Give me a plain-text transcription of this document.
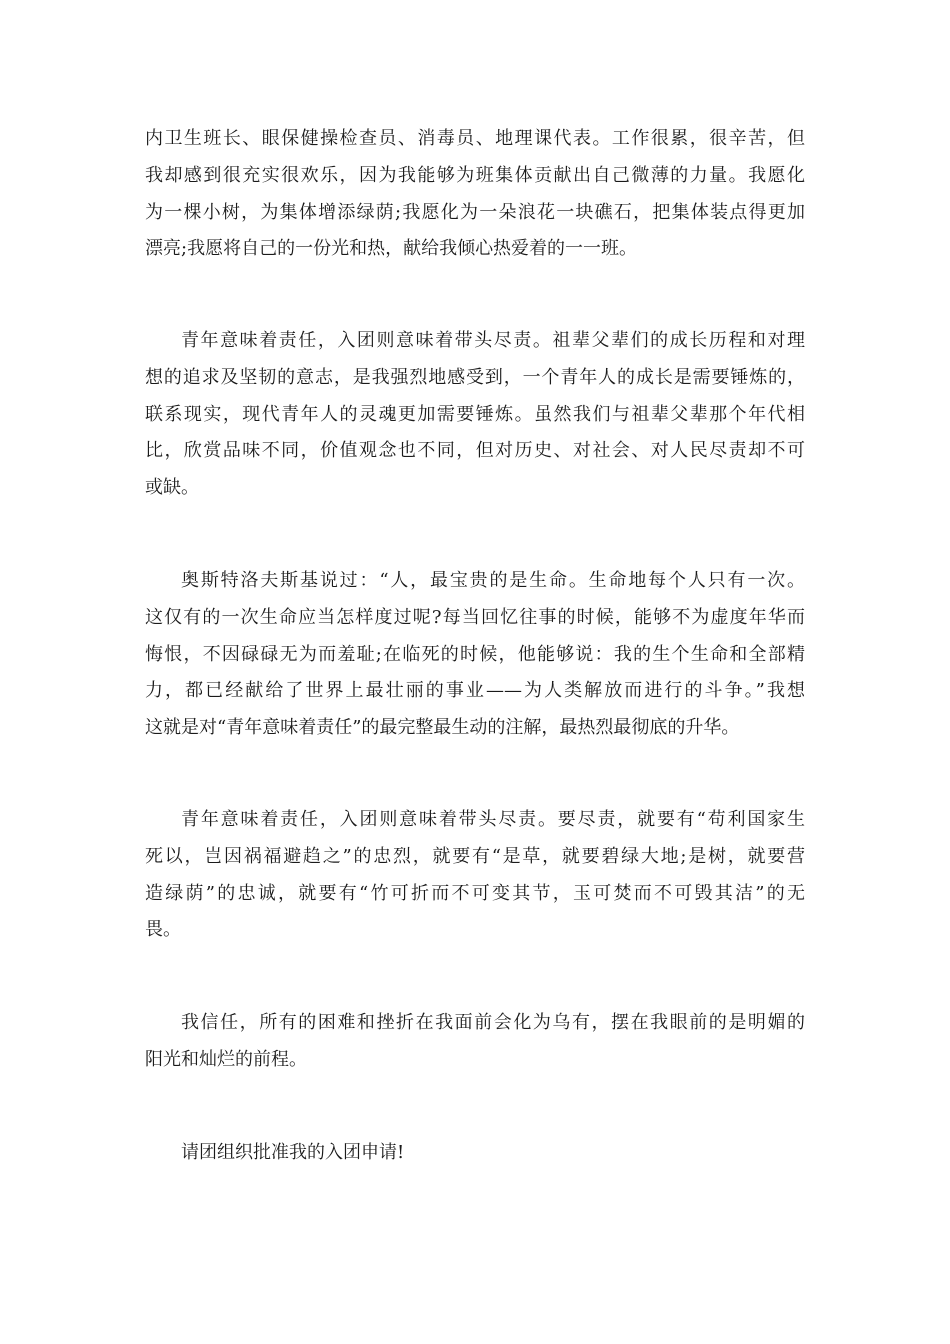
内卫生班长、眼保健操检查员、消毒员、地理课代表。工作很累，很辛苦，但
我却感到很充实很欢乐，因为我能够为班集体贡献出自己微薄的力量。我愿化
为一棵小树，为集体增添绿荫;我愿化为一朵浪花一块礁石，把集体装点得更加
漂亮;我愿将自己的一份光和热，献给我倾心热爱着的一一班。
青年意味着责任，入团则意味着带头尽责。祖辈父辈们的成长历程和对理
想的追求及坚韧的意志，是我强烈地感受到，一个青年人的成长是需要锤炼的，
联系现实，现代青年人的灵魂更加需要锤炼。虽然我们与祖辈父辈那个年代相
比，欣赏品味不同，价值观念也不同，但对历史、对社会、对人民尽责却不可
或缺。
奥斯特洛夫斯基说过：“人，最宝贵的是生命。生命地每个人只有一次。
这仅有的一次生命应当怎样度过呢?每当回忆往事的时候，能够不为虚度年华而
悔恨，不因碌碌无为而羞耻;在临死的时候，他能够说：我的生个生命和全部精
力，都已经献给了世界上最壮丽的事业——为人类解放而进行的斗争。”我想
这就是对“青年意味着责任”的最完整最生动的注解，最热烈最彻底的升华。
青年意味着责任，入团则意味着带头尽责。要尽责，就要有“苟利国家生
死以，岂因祸福避趋之”的忠烈，就要有“是草，就要碧绿大地;是树，就要营
造绿荫”的忠诚，就要有“竹可折而不可变其节，玉可焚而不可毁其洁”的无
畏。
我信任，所有的困难和挫折在我面前会化为乌有，摆在我眼前的是明媚的
阳光和灿烂的前程。
请团组织批准我的入团申请!
